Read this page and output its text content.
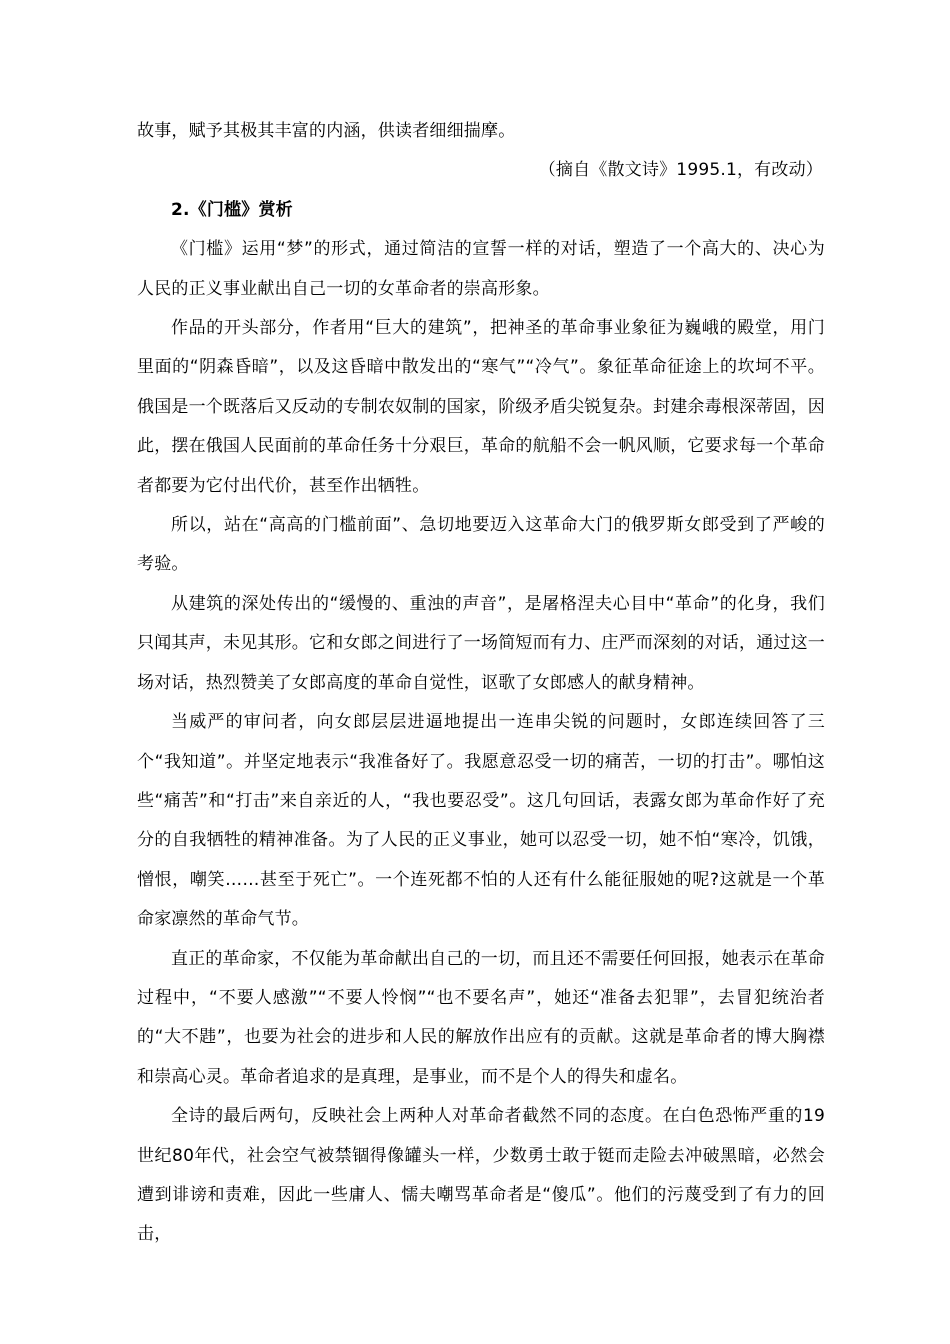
故事，赋予其极其丰富的内涵，供读者细细揣摩。

（摘自《散文诗》1995.1，有改动）

2.《门槛》赏析

《门槛》运用“梦”的形式，通过简洁的宣誓一样的对话，塑造了一个高大的、决心为人民的正义事业献出自己一切的女革命者的崇高形象。

作品的开头部分，作者用“巨大的建筑”，把神圣的革命事业象征为巍峨的殿堂，用门里面的“阴森昏暗”，以及这昏暗中散发出的“寒气”“冷气”。象征革命征途上的坎坷不平。俄国是一个既落后又反动的专制农奴制的国家，阶级矛盾尖锐复杂。封建余毒根深蒂固，因此，摆在俄国人民面前的革命任务十分艰巨，革命的航船不会一帆风顺，它要求每一个革命者都要为它付出代价，甚至作出牺牲。

所以，站在“高高的门槛前面”、急切地要迈入这革命大门的俄罗斯女郎受到了严峻的考验。

从建筑的深处传出的“缓慢的、重浊的声音”，是屠格涅夫心目中“革命”的化身，我们只闻其声，未见其形。它和女郎之间进行了一场简短而有力、庄严而深刻的对话，通过这一场对话，热烈赞美了女郎高度的革命自觉性，讴歌了女郎感人的献身精神。

当威严的审问者，向女郎层层进逼地提出一连串尖锐的问题时，女郎连续回答了三个“我知道”。并坚定地表示“我准备好了。我愿意忍受一切的痛苦，一切的打击”。哪怕这些“痛苦”和“打击”来自亲近的人，“我也要忍受”。这几句回话，表露女郎为革命作好了充分的自我牺牲的精神准备。为了人民的正义事业，她可以忍受一切，她不怕“寒冷，饥饿，憎恨，嘲笑……甚至于死亡”。一个连死都不怕的人还有什么能征服她的呢?这就是一个革命家凛然的革命气节。

直正的革命家，不仅能为革命献出自己的一切，而且还不需要任何回报，她表示在革命过程中，“不要人感激”“不要人怜悯”“也不要名声”，她还“准备去犯罪”，去冒犯统治者的“大不韪”，也要为社会的进步和人民的解放作出应有的贡献。这就是革命者的博大胸襟和崇高心灵。革命者追求的是真理，是事业，而不是个人的得失和虚名。

全诗的最后两句，反映社会上两种人对革命者截然不同的态度。在白色恐怖严重的19世纪80年代，社会空气被禁锢得像罐头一样，少数勇士敢于铤而走险去冲破黑暗，必然会遭到诽谤和责难，因此一些庸人、懦夫嘲骂革命者是“傻瓜”。他们的污蔑受到了有力的回击，
